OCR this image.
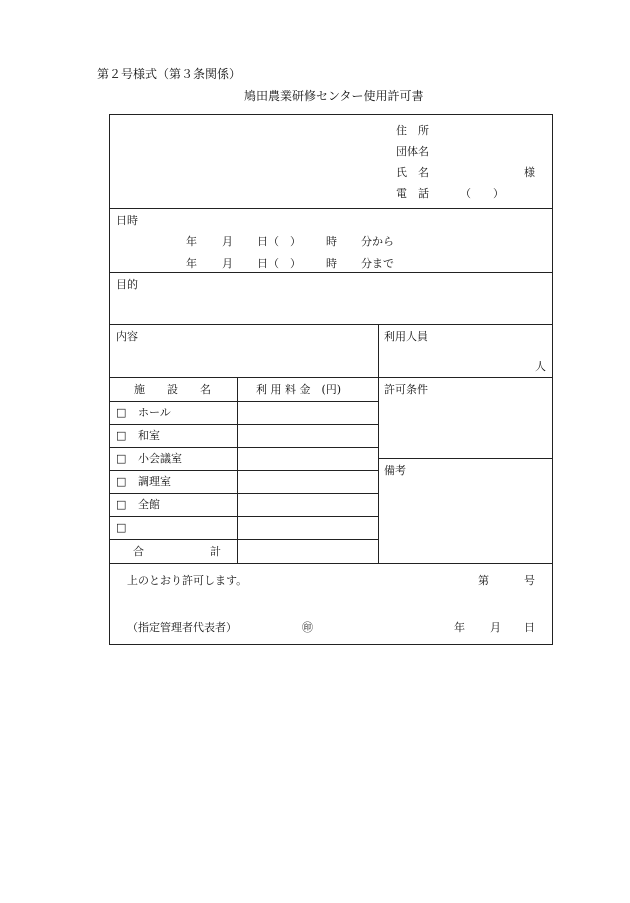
第２号様式（第３条関係）
鳩田農業研修センター使用許可書
住　所
団体名
氏　名	様
電　話	（　　）
日時
年 月 日（　） 時 分から
年 月 日（　） 時 分まで
目的
内容	利用人員
人
施　　設　　名	利 用 料 金　(円)
□ ホール
□ 和室
□ 小会議室
□ 調理室
□ 全館
□
合　　　　　　計
許可条件
備考
上のとおり許可します。	第	号
（指定管理者代表者）	㊞	年 月 日
